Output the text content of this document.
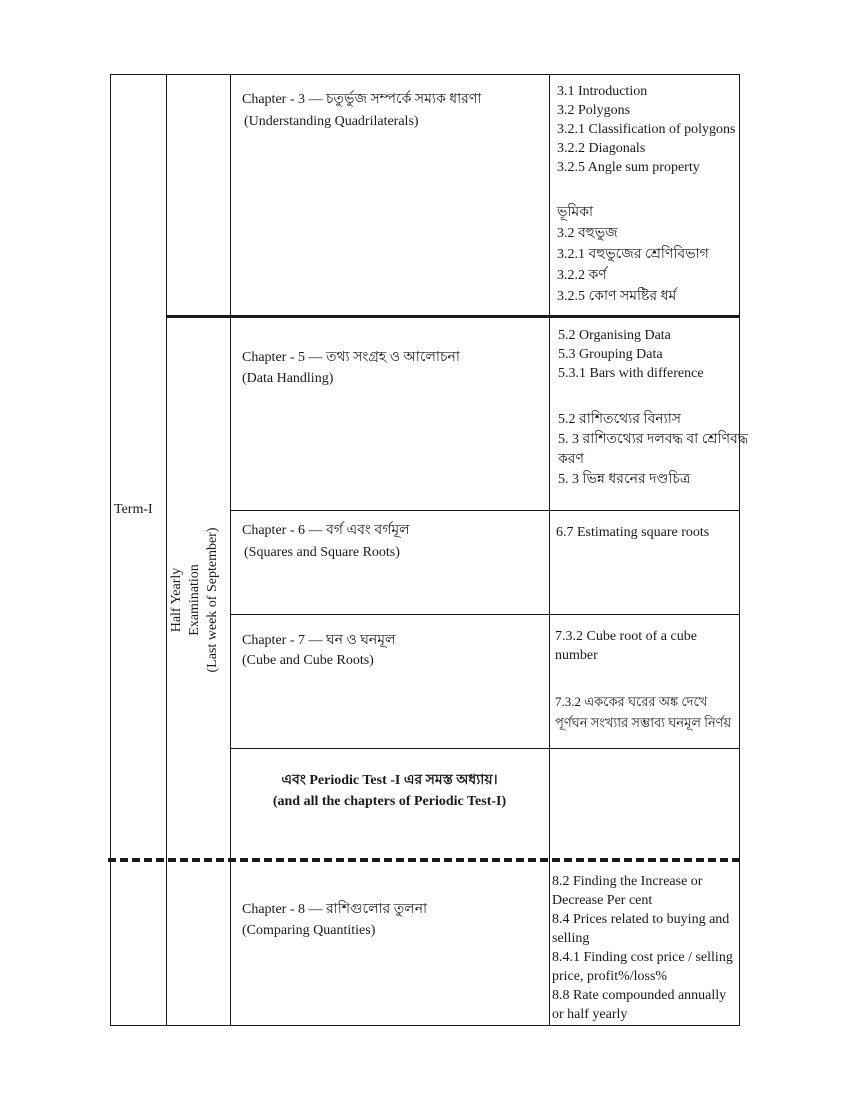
Term-I
Half Yearly Examination (Last week of September)
Chapter - 3 — চতুর্ভুজ সম্পর্কে সম্যক ধারণা
(Understanding Quadrilaterals)
3.1 Introduction
3.2 Polygons
3.2.1 Classification of polygons
3.2.2 Diagonals
3.2.5 Angle sum property
ভূমিকা
3.2 বহুভুজ
3.2.1 বহুভুজের শ্রেণিবিভাগ
3.2.2 কর্ণ
3.2.5 কোণ সমষ্টির ধর্ম
Chapter - 5 — তথ্য সংগ্রহ ও আলোচনা
(Data Handling)
5.2 Organising Data
5.3 Grouping Data
5.3.1 Bars with difference
5.2 রাশিতথ্যের বিন্যাস
5. 3 রাশিতথ্যের দলবদ্ধ বা শ্রেণিবদ্ধ
করণ
5. 3 ভিন্ন ধরনের দণ্ডচিত্র
Chapter - 6 — বর্গ এবং বর্গমূল
(Squares and Square Roots)
6.7 Estimating square roots
Chapter - 7 — ঘন ও ঘনমূল
(Cube and Cube Roots)
7.3.2 Cube root of a cube
number
7.3.2 এককের ঘরের অঙ্ক দেখে
পূর্ণঘন সংখ্যার সম্ভাব্য ঘনমূল নির্ণয়
এবং Periodic Test -I এর সমস্ত অধ্যায়।
(and all the chapters of Periodic Test-I)
Chapter - 8 — রাশিগুলোর তুলনা
(Comparing Quantities)
8.2 Finding the Increase or
Decrease Per cent
8.4 Prices related to buying and
selling
8.4.1 Finding cost price / selling
price, profit%/loss%
8.8 Rate compounded annually
or half yearly
